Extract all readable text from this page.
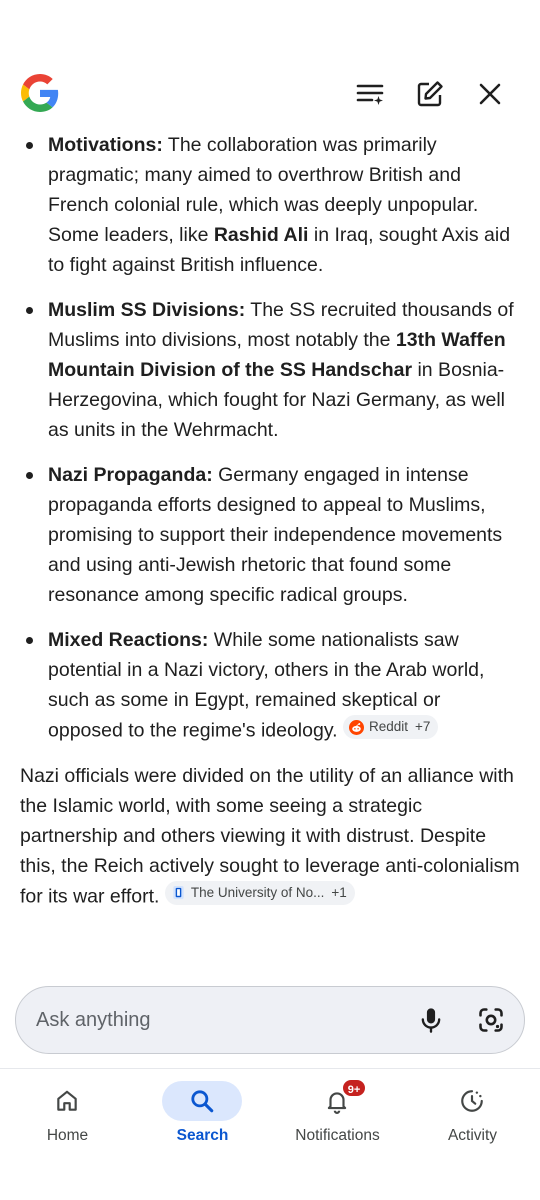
Motivations: The collaboration was primarily pragmatic; many aimed to overthrow British and French colonial rule, which was deeply unpopular. Some leaders, like Rashid Ali in Iraq, sought Axis aid to fight against British influence.
Muslim SS Divisions: The SS recruited thousands of Muslims into divisions, most notably the 13th Waffen Mountain Division of the SS Handschar in Bosnia-Herzegovina, which fought for Nazi Germany, as well as units in the Wehrmacht.
Nazi Propaganda: Germany engaged in intense propaganda efforts designed to appeal to Muslims, promising to support their independence movements and using anti-Jewish rhetoric that found some resonance among specific radical groups.
Mixed Reactions: While some nationalists saw potential in a Nazi victory, others in the Arab world, such as some in Egypt, remained skeptical or opposed to the regime's ideology. Reddit +7

Nazi officials were divided on the utility of an alliance with the Islamic world, with some seeing a strategic partnership and others viewing it with distrust. Despite this, the Reich actively sought to leverage anti-colonialism for its war effort. The University of No... +1

Ask anything
Home	Search
9+
Notifications	Activity
